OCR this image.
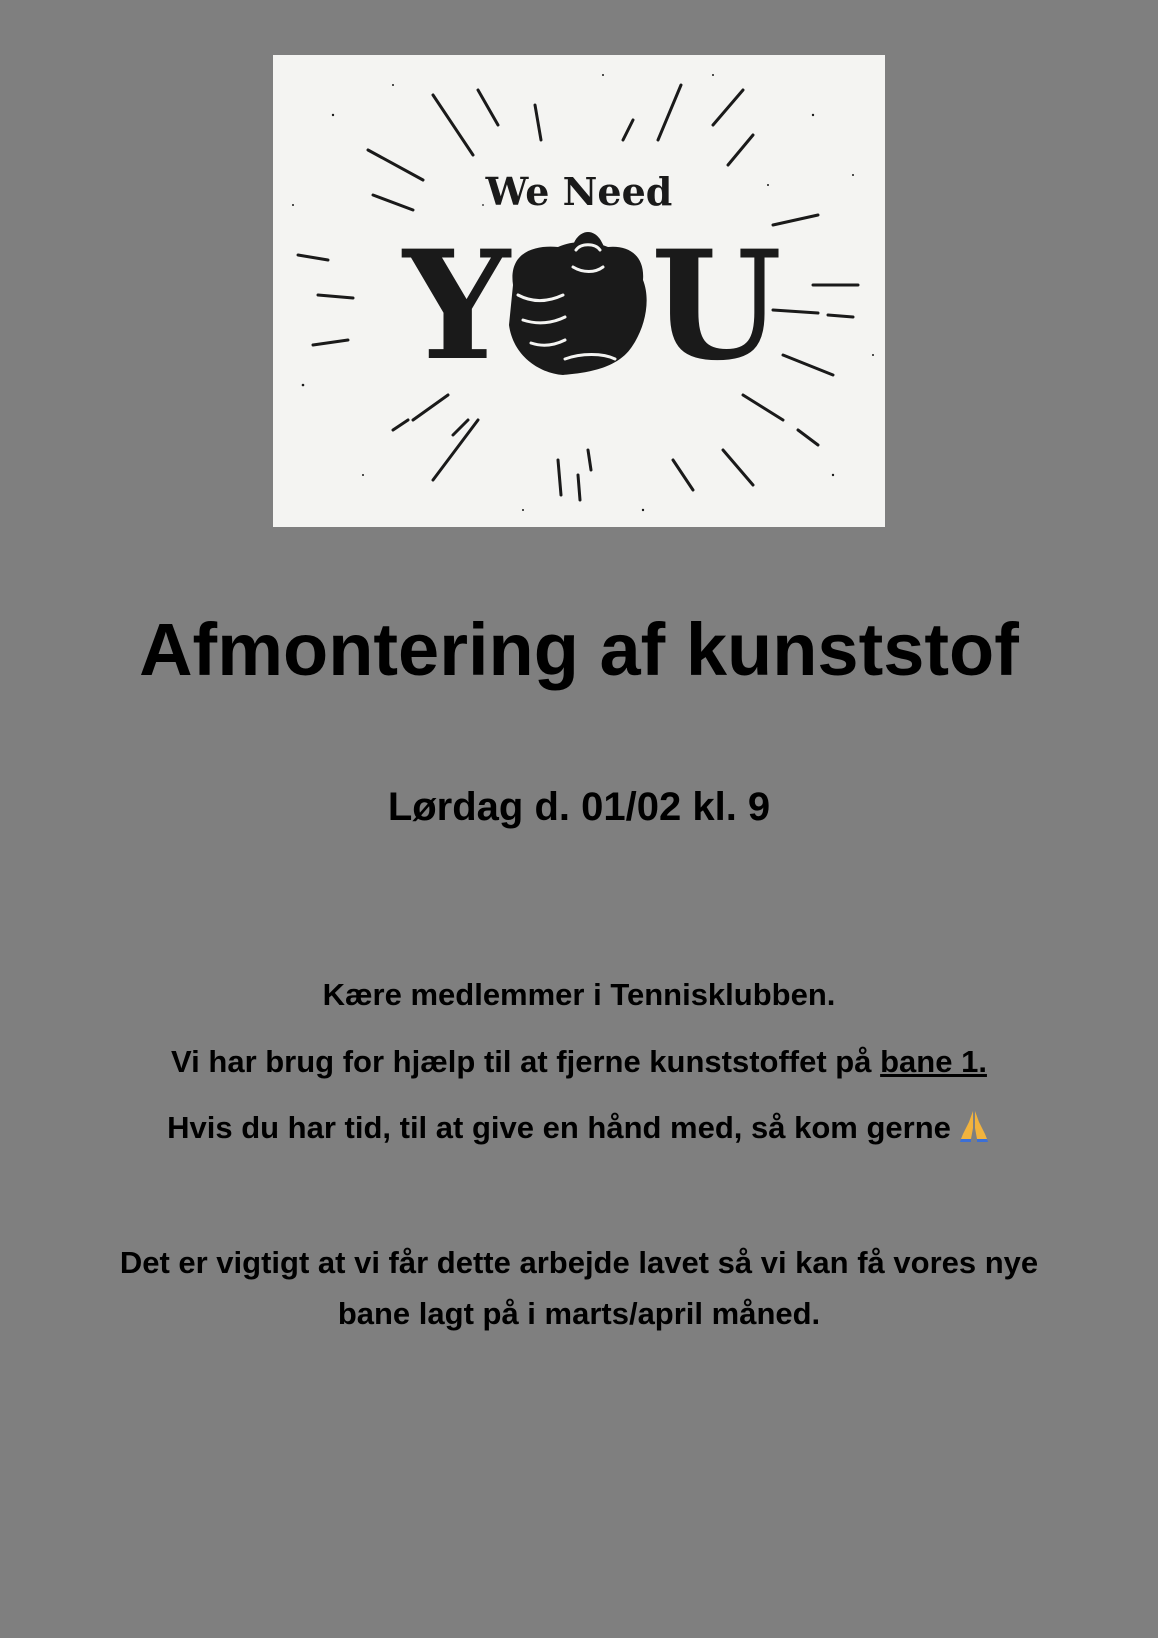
We Need
Y U
Afmontering af kunststof
Lørdag d. 01/02 kl. 9
Kære medlemmer i Tennisklubben.
Vi har brug for hjælp til at fjerne kunststoffet på bane 1.
Hvis du har tid, til at give en hånd med, så kom gerne
Det er vigtigt at vi får dette arbejde lavet så vi kan få vores nye
bane lagt på i marts/april måned.
